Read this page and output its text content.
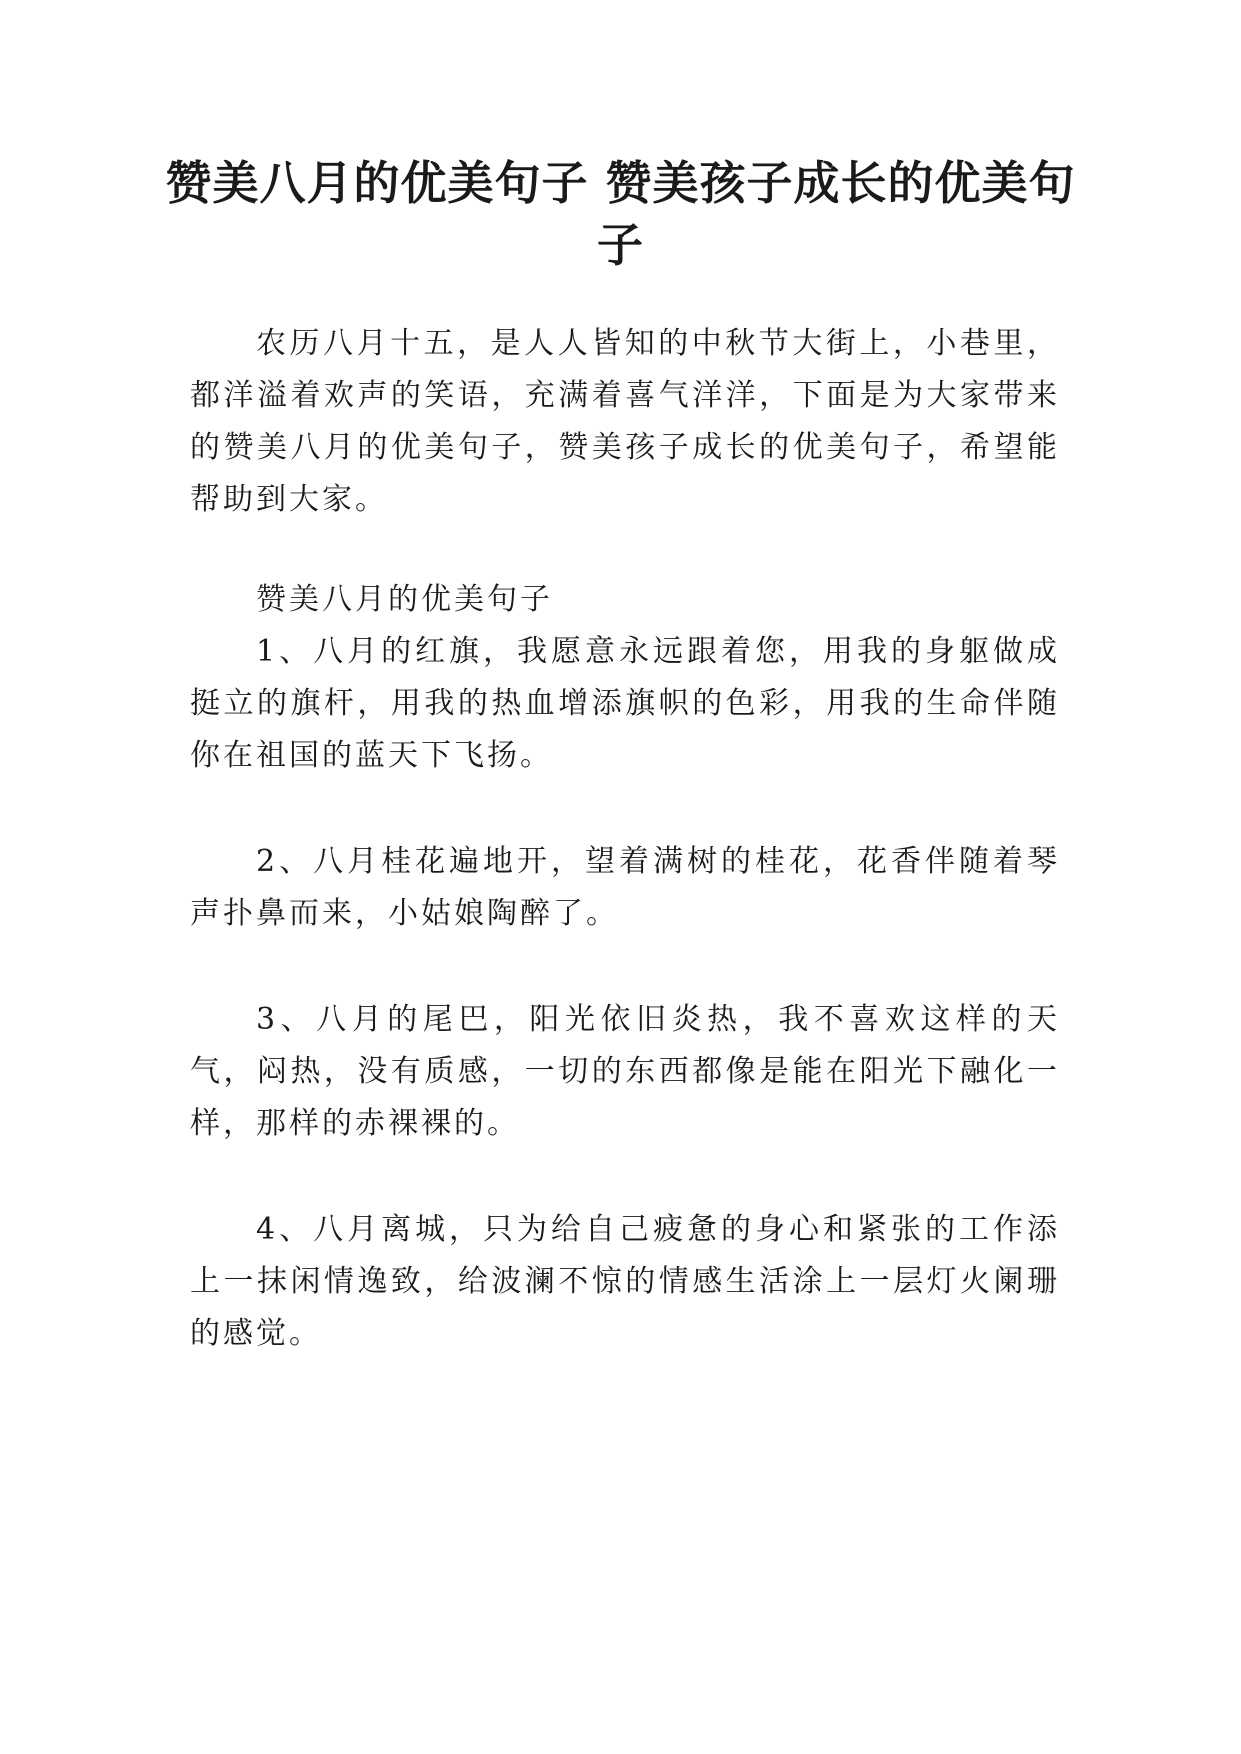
赞美八月的优美句子 赞美孩子成长的优美句子

农历八月十五，是人人皆知的中秋节大街上，小巷里，都洋溢着欢声的笑语，充满着喜气洋洋，下面是为大家带来的赞美八月的优美句子，赞美孩子成长的优美句子，希望能帮助到大家。

赞美八月的优美句子

1、八月的红旗，我愿意永远跟着您，用我的身躯做成挺立的旗杆，用我的热血增添旗帜的色彩，用我的生命伴随你在祖国的蓝天下飞扬。

2、八月桂花遍地开，望着满树的桂花，花香伴随着琴声扑鼻而来，小姑娘陶醉了。

3、八月的尾巴，阳光依旧炎热，我不喜欢这样的天气，闷热，没有质感，一切的东西都像是能在阳光下融化一样，那样的赤裸裸的。

4、八月离城，只为给自己疲惫的身心和紧张的工作添上一抹闲情逸致，给波澜不惊的情感生活涂上一层灯火阑珊的感觉。
